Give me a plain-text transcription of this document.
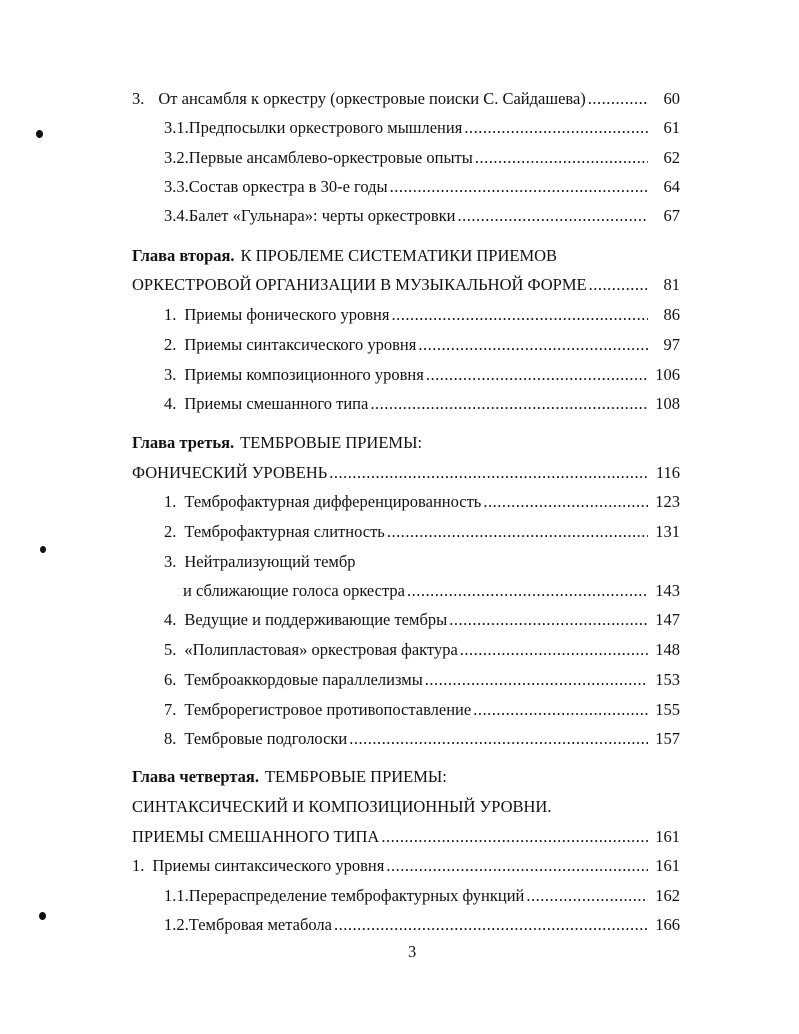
3. От ансамбля к оркестру (оркестровые поиски С. Сайдашева) .....	60
3.1. Предпосылки оркестрового мышления .....	61
3.2. Первые ансамблево-оркестровые опыты .....	62
3.3. Состав оркестра в 30-е годы .....	64
3.4. Балет «Гульнара»: черты оркестровки .....	67
Глава вторая. К ПРОБЛЕМЕ СИСТЕМАТИКИ ПРИЕМОВ
ОРКЕСТРОВОЙ ОРГАНИЗАЦИИ В МУЗЫКАЛЬНОЙ ФОРМЕ .....	81
1. Приемы фонического уровня .....	86
2. Приемы синтаксического уровня .....	97
3. Приемы композиционного уровня .....	106
4. Приемы смешанного типа .....	108
Глава третья. ТЕМБРОВЫЕ ПРИЕМЫ:
ФОНИЧЕСКИЙ УРОВЕНЬ .....	116
1. Темброфактурная дифференцированность .....	123
2. Темброфактурная слитность .....	131
3. Нейтрализующий тембр
и сближающие голоса оркестра .....	143
4. Ведущие и поддерживающие тембры .....	147
5. «Полипластовая» оркестровая фактура .....	148
6. Темброаккордовые параллелизмы .....	153
7. Темброрегистровое противопоставление .....	155
8. Тембровые подголоски .....	157
Глава четвертая. ТЕМБРОВЫЕ ПРИЕМЫ:
СИНТАКСИЧЕСКИЙ И КОМПОЗИЦИОННЫЙ УРОВНИ.
ПРИЕМЫ СМЕШАННОГО ТИПА .....	161
1. Приемы синтаксического уровня .....	161
1.1. Перераспределение темброфактурных функций .....	162
1.2. Тембровая метабола .....	166
3
